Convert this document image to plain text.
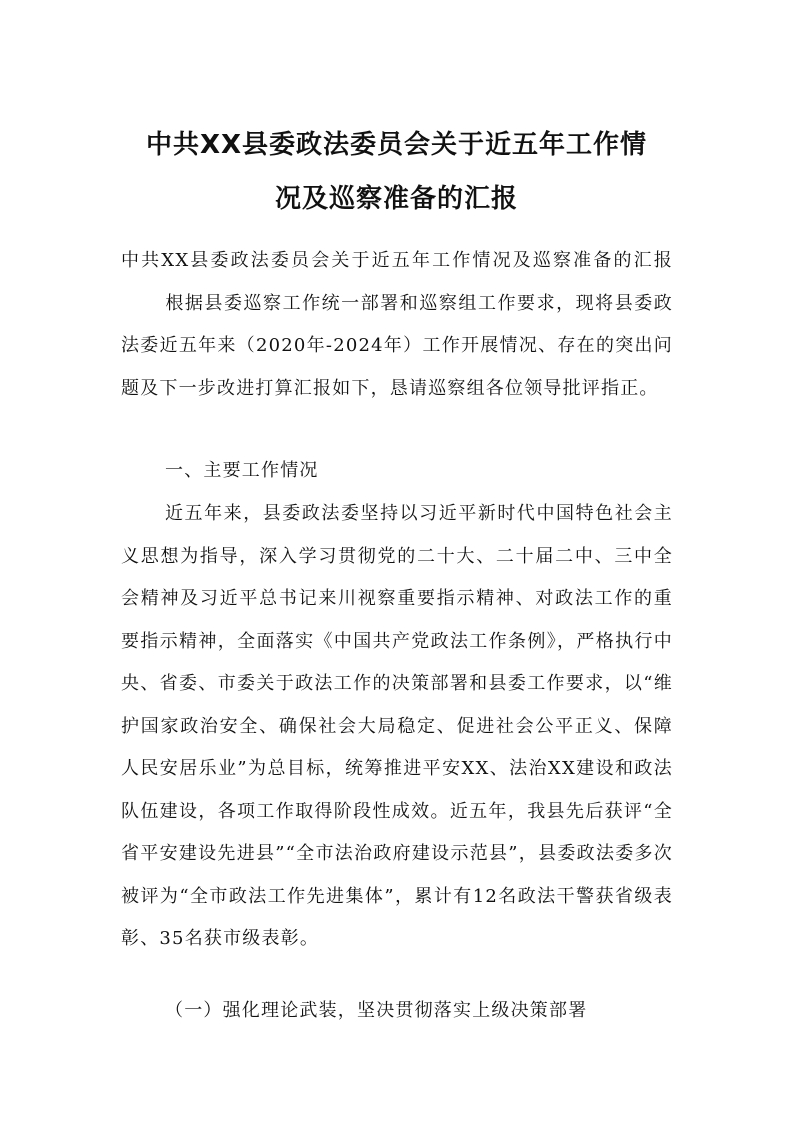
中共XX县委政法委员会关于近五年工作情
况及巡察准备的汇报
中共XX县委政法委员会关于近五年工作情况及巡察准备的汇报根据县委巡察工作统一部署和巡察组工作要求，现将县委政法委近五年来（2020年-2024年）工作开展情况、存在的突出问题及下一步改进打算汇报如下，恳请巡察组各位领导批评指正。
一、主要工作情况
近五年来，县委政法委坚持以习近平新时代中国特色社会主义思想为指导，深入学习贯彻党的二十大、二十届二中、三中全会精神及习近平总书记来川视察重要指示精神、对政法工作的重要指示精神，全面落实《中国共产党政法工作条例》，严格执行中央、省委、市委关于政法工作的决策部署和县委工作要求，以“维护国家政治安全、确保社会大局稳定、促进社会公平正义、保障人民安居乐业”为总目标，统筹推进平安XX、法治XX建设和政法队伍建设，各项工作取得阶段性成效。近五年，我县先后获评“全省平安建设先进县”“全市法治政府建设示范县”，县委政法委多次被评为“全市政法工作先进集体”，累计有12名政法干警获省级表彰、35名获市级表彰。
（一）强化理论武装，坚决贯彻落实上级决策部署
